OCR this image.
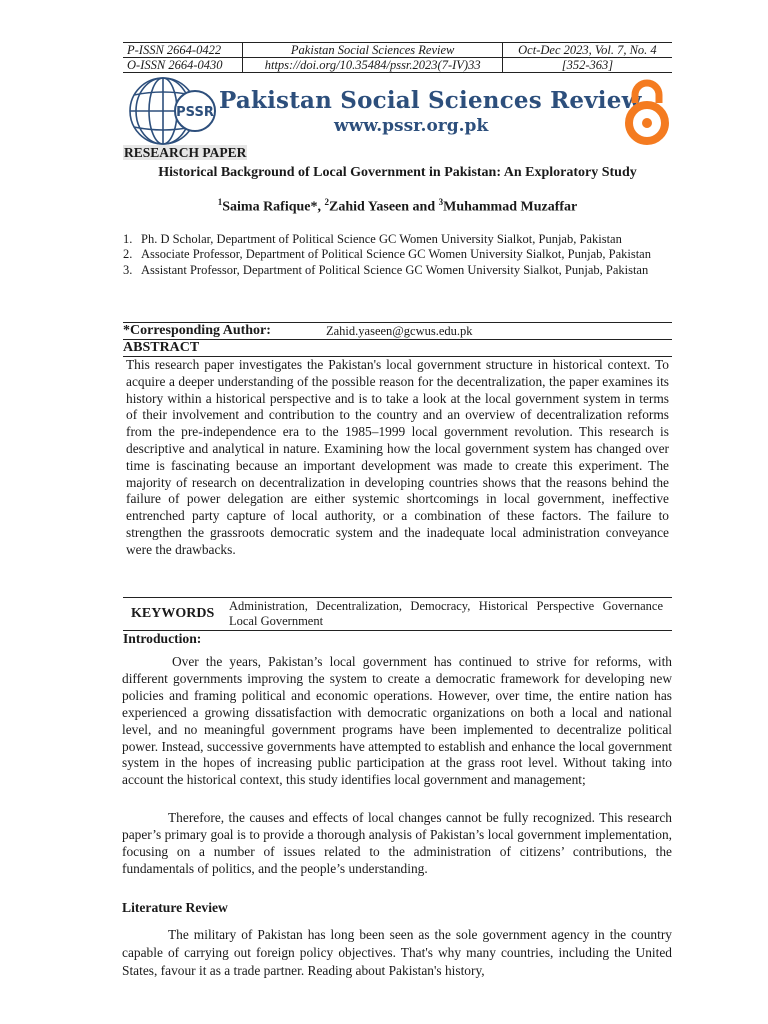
P-ISSN 2664-0422	Pakistan Social Sciences Review	Oct-Dec 2023, Vol. 7, No. 4
O-ISSN 2664-0430	https://doi.org/10.35484/pssr.2023(7-IV)33	[352-363]
PSSR Pakistan Social Sciences Review
www.pssr.org.pk
RESEARCH PAPER
Historical Background of Local Government in Pakistan: An Exploratory Study
$^1$Saima Rafique*, $^2$Zahid Yaseen and $^3$Muhammad Muzaffar
1. Ph. D Scholar, Department of Political Science GC Women University Sialkot, Punjab, Pakistan
2. Associate Professor, Department of Political Science GC Women University Sialkot, Punjab, Pakistan
3. Assistant Professor, Department of Political Science GC Women University Sialkot, Punjab, Pakistan
*Corresponding Author:	Zahid.yaseen@gcwus.edu.pk
ABSTRACT
This research paper investigates the Pakistan's local government structure in historical context. To acquire a deeper understanding of the possible reason for the decentralization, the paper examines its history within a historical perspective and is to take a look at the local government system in terms of their involvement and contribution to the country and an overview of decentralization reforms from the pre-independence era to the 1985–1999 local government revolution. This research is descriptive and analytical in nature. Examining how the local government system has changed over time is fascinating because an important development was made to create this experiment. The majority of research on decentralization in developing countries shows that the reasons behind the failure of power delegation are either systemic shortcomings in local government, ineffective entrenched party capture of local authority, or a combination of these factors. The failure to strengthen the grassroots democratic system and the inadequate local administration conveyance were the drawbacks.
KEYWORDS Administration, Decentralization, Democracy, Historical Perspective Governance Local Government
Introduction:
Over the years, Pakistan’s local government has continued to strive for reforms, with different governments improving the system to create a democratic framework for developing new policies and framing political and economic operations. However, over time, the entire nation has experienced a growing dissatisfaction with democratic organizations on both a local and national level, and no meaningful government programs have been implemented to decentralize political power. Instead, successive governments have attempted to establish and enhance the local government system in the hopes of increasing public participation at the grass root level. Without taking into account the historical context, this study identifies local government and management;
Therefore, the causes and effects of local changes cannot be fully recognized. This research paper’s primary goal is to provide a thorough analysis of Pakistan’s local government implementation, focusing on a number of issues related to the administration of citizens’ contributions, the fundamentals of politics, and the people’s understanding.
Literature Review
The military of Pakistan has long been seen as the sole government agency in the country capable of carrying out foreign policy objectives. That's why many countries, including the United States, favour it as a trade partner. Reading about Pakistan's history,
